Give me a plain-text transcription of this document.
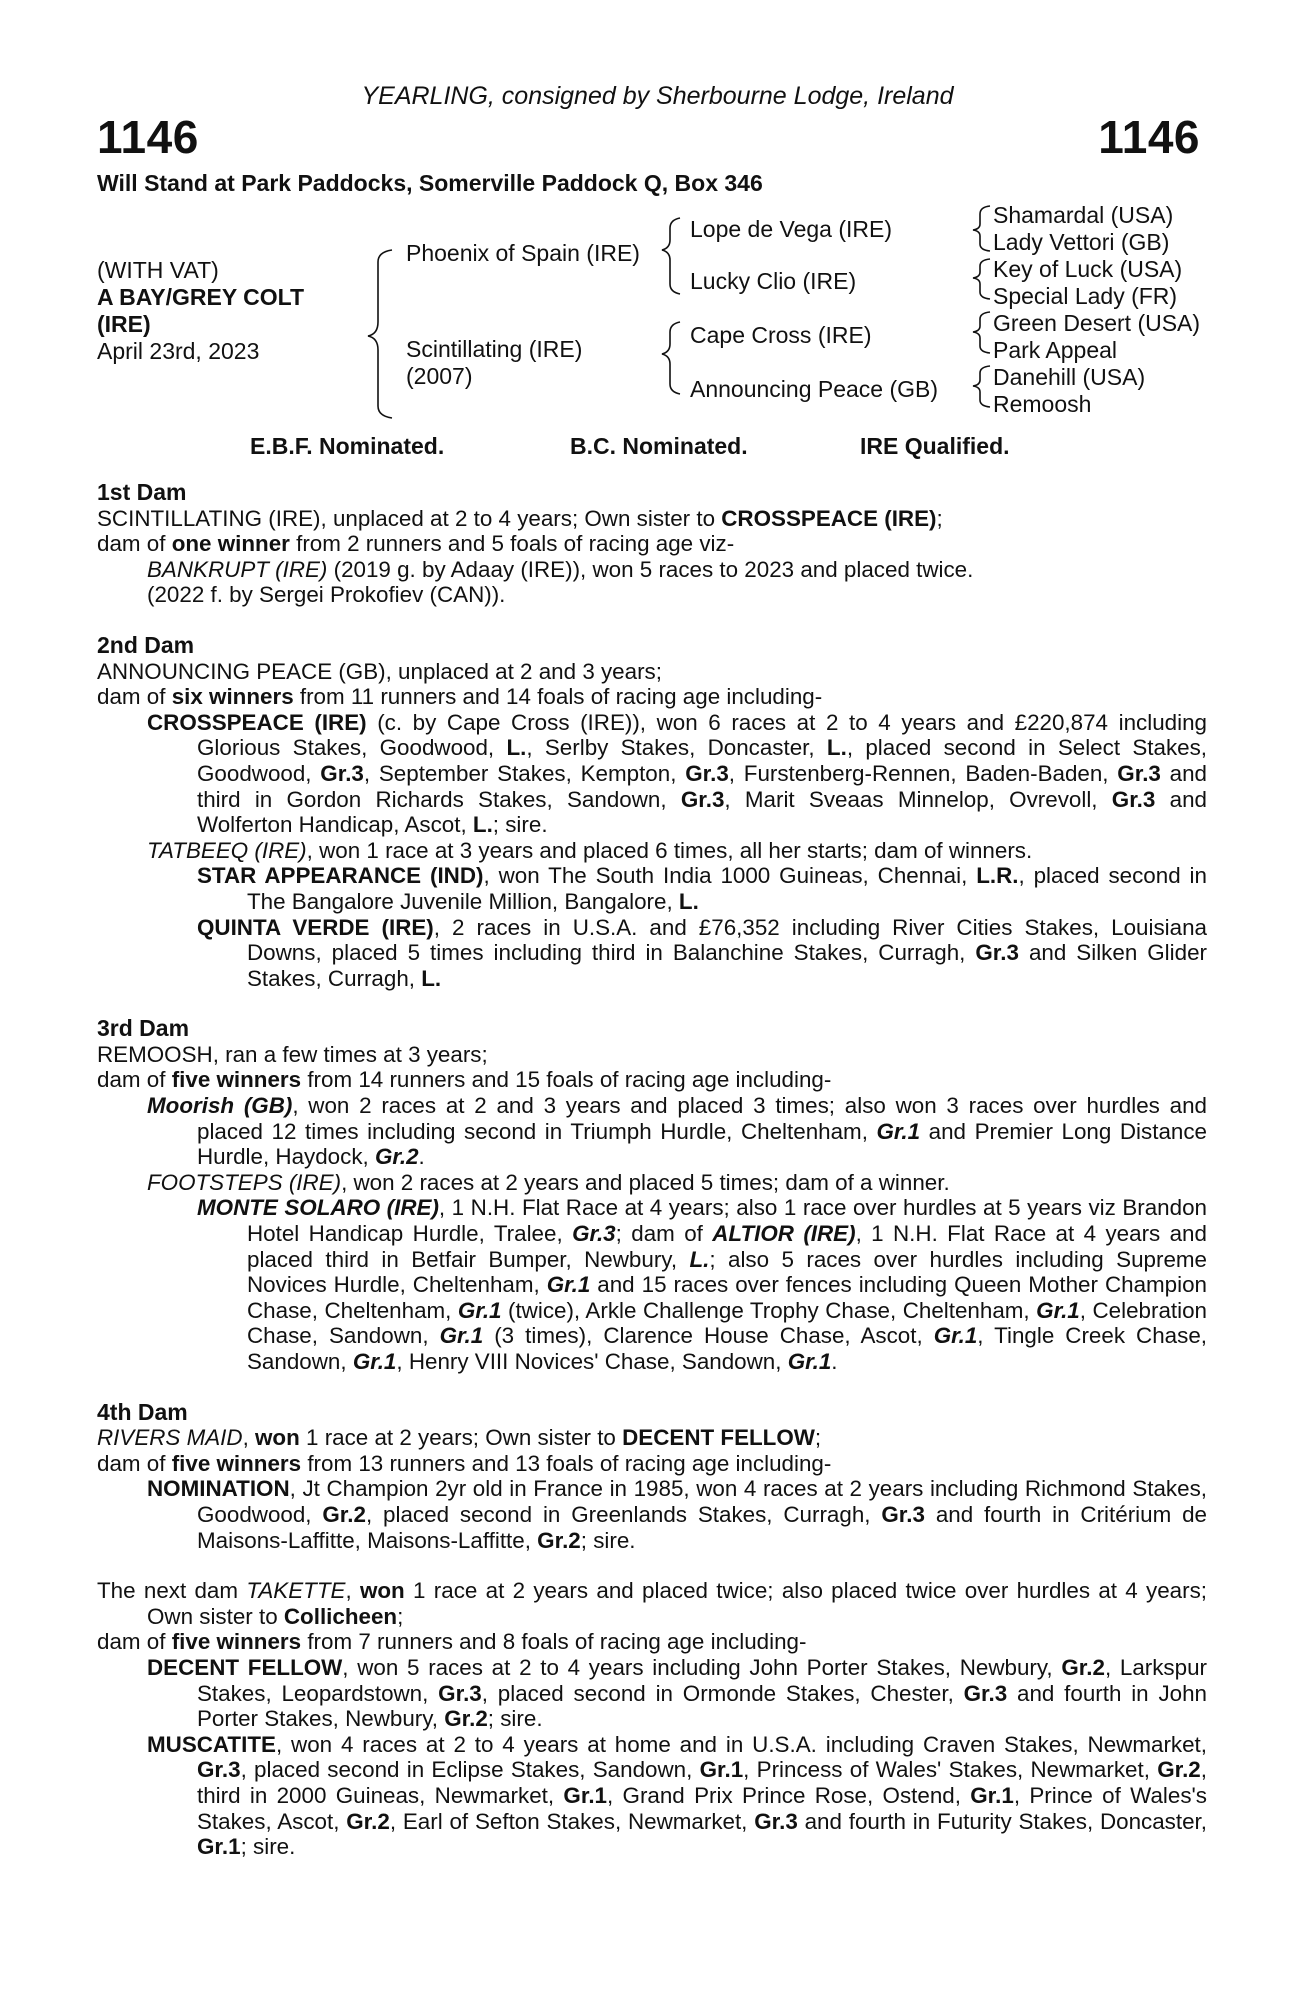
YEARLING, consigned by Sherbourne Lodge, Ireland
1146	1146
Will Stand at Park Paddocks, Somerville Paddock Q, Box 346
(WITH VAT)
A BAY/GREY COLT
(IRE)
April 23rd, 2023
Phoenix of Spain (IRE)
Scintillating (IRE)
(2007)
Lope de Vega (IRE)
Lucky Clio (IRE)
Cape Cross (IRE)
Announcing Peace (GB)
Shamardal (USA)
Lady Vettori (GB)
Key of Luck (USA)
Special Lady (FR)
Green Desert (USA)
Park Appeal
Danehill (USA)
Remoosh
E.B.F. Nominated.	B.C. Nominated.	IRE Qualified.

1st Dam

SCINTILLATING (IRE), unplaced at 2 to 4 years; Own sister to CROSSPEACE (IRE);

dam of one winner from 2 runners and 5 foals of racing age viz-

BANKRUPT (IRE) (2019 g. by Adaay (IRE)), won 5 races to 2023 and placed twice.

(2022 f. by Sergei Prokofiev (CAN)).

2nd Dam

ANNOUNCING PEACE (GB), unplaced at 2 and 3 years;

dam of six winners from 11 runners and 14 foals of racing age including-

CROSSPEACE (IRE) (c. by Cape Cross (IRE)), won 6 races at 2 to 4 years and £220,874 including Glorious Stakes, Goodwood, L., Serlby Stakes, Doncaster, L., placed second in Select Stakes, Goodwood, Gr.3, September Stakes, Kempton, Gr.3, Furstenberg-Rennen, Baden-Baden, Gr.3 and third in Gordon Richards Stakes, Sandown, Gr.3, Marit Sveaas Minnelop, Ovrevoll, Gr.3 and Wolferton Handicap, Ascot, L.; sire.

TATBEEQ (IRE), won 1 race at 3 years and placed 6 times, all her starts; dam of winners.

STAR APPEARANCE (IND), won The South India 1000 Guineas, Chennai, L.R., placed second in The Bangalore Juvenile Million, Bangalore, L.

QUINTA VERDE (IRE), 2 races in U.S.A. and £76,352 including River Cities Stakes, Louisiana Downs, placed 5 times including third in Balanchine Stakes, Curragh, Gr.3 and Silken Glider Stakes, Curragh, L.

3rd Dam

REMOOSH, ran a few times at 3 years;

dam of five winners from 14 runners and 15 foals of racing age including-

Moorish (GB), won 2 races at 2 and 3 years and placed 3 times; also won 3 races over hurdles and placed 12 times including second in Triumph Hurdle, Cheltenham, Gr.1 and Premier Long Distance Hurdle, Haydock, Gr.2.

FOOTSTEPS (IRE), won 2 races at 2 years and placed 5 times; dam of a winner.

MONTE SOLARO (IRE), 1 N.H. Flat Race at 4 years; also 1 race over hurdles at 5 years viz Brandon Hotel Handicap Hurdle, Tralee, Gr.3; dam of ALTIOR (IRE), 1 N.H. Flat Race at 4 years and placed third in Betfair Bumper, Newbury, L.; also 5 races over hurdles including Supreme Novices Hurdle, Cheltenham, Gr.1 and 15 races over fences including Queen Mother Champion Chase, Cheltenham, Gr.1 (twice), Arkle Challenge Trophy Chase, Cheltenham, Gr.1, Celebration Chase, Sandown, Gr.1 (3 times), Clarence House Chase, Ascot, Gr.1, Tingle Creek Chase, Sandown, Gr.1, Henry VIII Novices' Chase, Sandown, Gr.1.

4th Dam

RIVERS MAID, won 1 race at 2 years; Own sister to DECENT FELLOW;

dam of five winners from 13 runners and 13 foals of racing age including-

NOMINATION, Jt Champion 2yr old in France in 1985, won 4 races at 2 years including Richmond Stakes, Goodwood, Gr.2, placed second in Greenlands Stakes, Curragh, Gr.3 and fourth in Critérium de Maisons-Laffitte, Maisons-Laffitte, Gr.2; sire.

The next dam TAKETTE, won 1 race at 2 years and placed twice; also placed twice over hurdles at 4 years; Own sister to Collicheen;

dam of five winners from 7 runners and 8 foals of racing age including-

DECENT FELLOW, won 5 races at 2 to 4 years including John Porter Stakes, Newbury, Gr.2, Larkspur Stakes, Leopardstown, Gr.3, placed second in Ormonde Stakes, Chester, Gr.3 and fourth in John Porter Stakes, Newbury, Gr.2; sire.

MUSCATITE, won 4 races at 2 to 4 years at home and in U.S.A. including Craven Stakes, Newmarket, Gr.3, placed second in Eclipse Stakes, Sandown, Gr.1, Princess of Wales' Stakes, Newmarket, Gr.2, third in 2000 Guineas, Newmarket, Gr.1, Grand Prix Prince Rose, Ostend, Gr.1, Prince of Wales's Stakes, Ascot, Gr.2, Earl of Sefton Stakes, Newmarket, Gr.3 and fourth in Futurity Stakes, Doncaster, Gr.1; sire.
